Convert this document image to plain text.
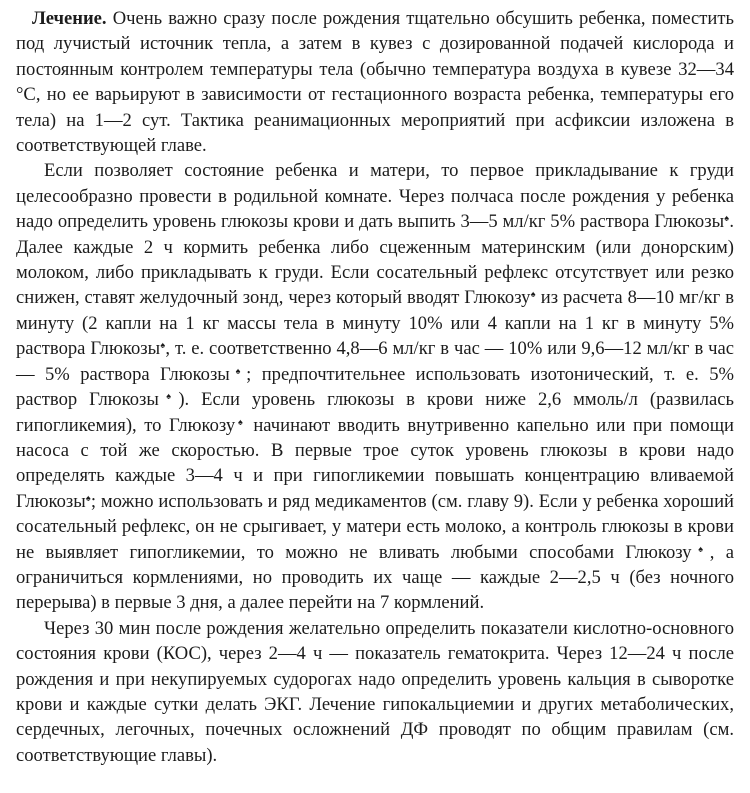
Лечение. Очень важно сразу после рождения тщательно обсушить ребенка, поместить под лучистый источник тепла, а затем в кувез с дозированной подачей кислорода и постоянным контролем температуры тела (обычно температура воздуха в кувезе 32—34 °С, но ее варьируют в зависимости от гестационного возраста ребенка, температуры его тела) на 1—2 сут. Тактика реанимационных мероприятий при асфиксии изложена в соответствующей главе.

Если позволяет состояние ребенка и матери, то первое прикладывание к груди целесообразно провести в родильной комнате. Через полчаса после рождения у ребенка надо определить уровень глюкозы крови и дать выпить 3—5 мл/кг 5% раствора Глюкозы♠. Далее каждые 2 ч кормить ребенка либо сцеженным материнским (или донорским) молоком, либо прикладывать к груди. Если сосательный рефлекс отсутствует или резко снижен, ставят желудочный зонд, через который вводят Глюкозу♠ из расчета 8—10 мг/кг в минуту (2 капли на 1 кг массы тела в минуту 10% или 4 капли на 1 кг в минуту 5% раствора Глюкозы♠, т. е. соответственно 4,8—6 мл/кг в час — 10% или 9,6—12 мл/кг в час — 5% раствора Глюкозы♠; предпочтительнее использовать изотонический, т. е. 5% раствор Глюкозы♠). Если уровень глюкозы в крови ниже 2,6 ммоль/л (развилась гипогликемия), то Глюкозу♠ начинают вводить внутривенно капельно или при помощи насоса с той же скоростью. В первые трое суток уровень глюкозы в крови надо определять каждые 3—4 ч и при гипогликемии повышать концентрацию вливаемой Глюкозы♠; можно использовать и ряд медикаментов (см. главу 9). Если у ребенка хороший сосательный рефлекс, он не срыгивает, у матери есть молоко, а контроль глюкозы в крови не выявляет гипогликемии, то можно не вливать любыми способами Глюкозу♠, а ограничиться кормлениями, но проводить их чаще — каждые 2—2,5 ч (без ночного перерыва) в первые 3 дня, а далее перейти на 7 кормлений.

Через 30 мин после рождения желательно определить показатели кислотно-основного состояния крови (КОС), через 2—4 ч — показатель гематокрита. Через 12—24 ч после рождения и при некупируемых судорогах надо определить уровень кальция в сыворотке крови и каждые сутки делать ЭКГ. Лечение гипокальциемии и других метаболических, сердечных, легочных, почечных осложнений ДФ проводят по общим правилам (см. соответствующие главы).
